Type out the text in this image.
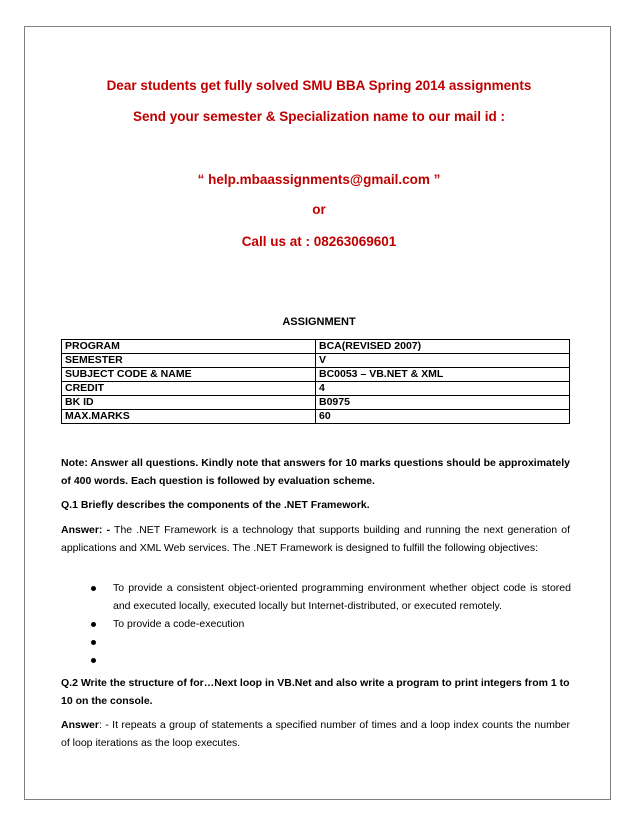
Dear students get fully solved SMU BBA Spring 2014 assignments
Send your semester & Specialization name to our mail id :
“ help.mbaassignments@gmail.com ”
or
Call us at : 08263069601
ASSIGNMENT
PROGRAM	BCA(REVISED 2007)
SEMESTER	V
SUBJECT CODE & NAME	BC0053 – VB.NET & XML
CREDIT	4
BK ID	B0975
MAX.MARKS	60

Note: Answer all questions. Kindly note that answers for 10 marks questions should be approximately of 400 words. Each question is followed by evaluation scheme.

Q.1 Briefly describes the components of the .NET Framework.

Answer: - The .NET Framework is a technology that supports building and running the next generation of applications and XML Web services. The .NET Framework is designed to fulfill the following objectives:

To provide a consistent object-oriented programming environment whether object code is stored and executed locally, executed locally but Internet-distributed, or executed remotely.
To provide a code-execution

Q.2 Write the structure of for…Next loop in VB.Net and also write a program to print integers from 1 to 10 on the console.

Answer: - It repeats a group of statements a specified number of times and a loop index counts the number of loop iterations as the loop executes.
